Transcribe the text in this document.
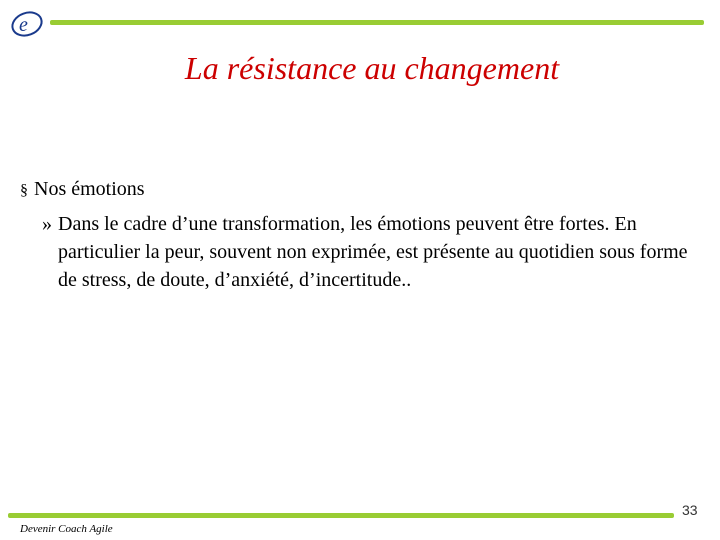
e
La résistance au changement
§ Nos émotions
» Dans le cadre d’une transformation, les émotions peuvent être fortes. En particulier la peur, souvent non exprimée, est présente au quotidien sous forme de stress, de doute, d’anxiété, d’incertitude..
33
Devenir Coach Agile
